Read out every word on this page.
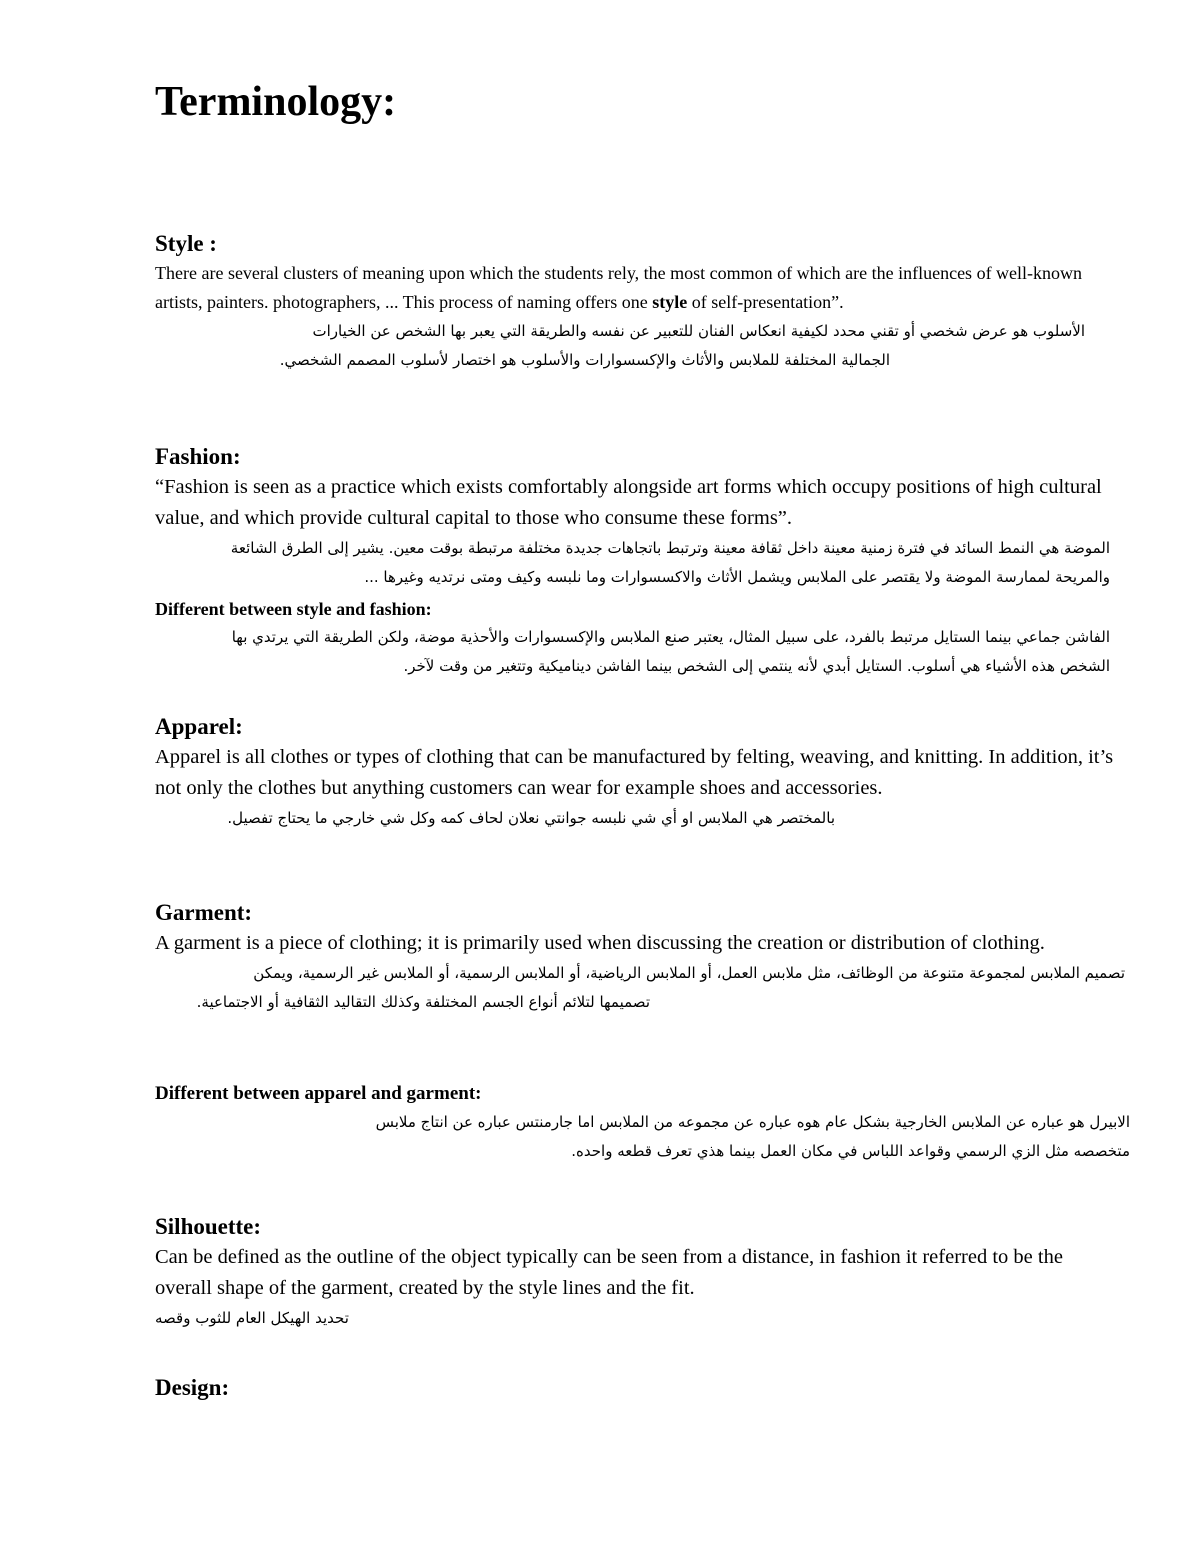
Terminology:
Style :

There are several clusters of meaning upon which the students rely, the most common of which are the influences of well-known artists, painters. photographers, ... This process of naming offers one style of self-presentation”.

الأسلوب هو عرض شخصي أو تقني محدد لكيفية انعكاس الفنان للتعبير عن نفسه والطريقة التي يعبر بها الشخص عن الخيارات
الجمالية المختلفة للملابس والأثاث والإكسسوارات والأسلوب هو اختصار لأسلوب المصمم الشخصي.

Fashion:

“Fashion is seen as a practice which exists comfortably alongside art forms which occupy positions of high cultural value, and which provide cultural capital to those who consume these forms”.

الموضة هي النمط السائد في فترة زمنية معينة داخل ثقافة معينة وترتبط باتجاهات جديدة مختلفة مرتبطة بوقت معين. يشير إلى الطرق الشائعة
والمريحة لممارسة الموضة ولا يقتصر على الملابس ويشمل الأثاث والاكسسوارات وما نلبسه وكيف ومتى نرتديه وغيرها ...

Different between style and fashion:

الفاشن جماعي بينما الستايل مرتبط بالفرد، على سبيل المثال، يعتبر صنع الملابس والإكسسوارات والأحذية موضة، ولكن الطريقة التي يرتدي بها
الشخص هذه الأشياء هي أسلوب. الستايل أبدي لأنه ينتمي إلى الشخص بينما الفاشن ديناميكية وتتغير من وقت لآخر.

Apparel:

Apparel is all clothes or types of clothing that can be manufactured by felting, weaving, and knitting. In addition, it’s not only the clothes but anything customers can wear for example shoes and accessories.

بالمختصر هي الملابس او أي شي نلبسه جوانتي نعلان لحاف كمه وكل شي خارجي ما يحتاج تفصيل.

Garment:

A garment is a piece of clothing; it is primarily used when discussing the creation or distribution of clothing.

تصميم الملابس لمجموعة متنوعة من الوظائف، مثل ملابس العمل، أو الملابس الرياضية، أو الملابس الرسمية، أو الملابس غير الرسمية، ويمكن
تصميمها لتلائم أنواع الجسم المختلفة وكذلك التقاليد الثقافية أو الاجتماعية.

Different between apparel and garment:

الابيرل هو عباره عن الملابس الخارجية بشكل عام هوه عباره عن مجموعه من الملابس اما جارمنتس عباره عن انتاج ملابس
متخصصه مثل الزي الرسمي وقواعد اللباس في مكان العمل بينما هذي تعرف قطعه واحده.

Silhouette:

Can be defined as the outline of the object typically can be seen from a distance, in fashion it referred to be the overall shape of the garment, created by the style lines and the fit.

تحديد الهيكل العام للثوب وقصه

Design:
